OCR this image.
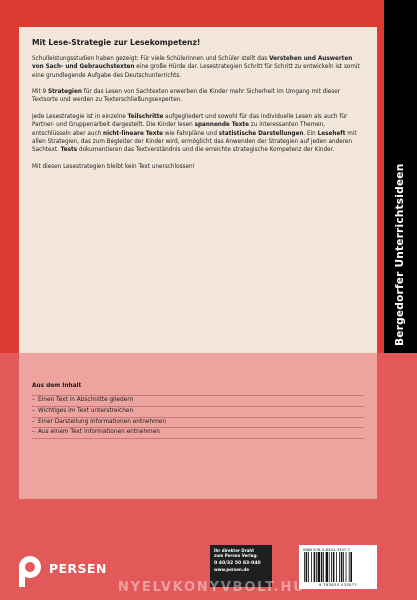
Mit Lese-Strategie zur Lesekompetenz!

Schulleistungsstudien haben gezeigt: Für viele Schülerinnen und Schüler stellt das Verstehen und Auswerten von Sach- und Gebrauchstexten eine große Hürde dar. Lesestrategien Schritt für Schritt zu entwickeln ist somit eine grundlegende Aufgabe des Deutschunterrichts.

Mit 9 Strategien für das Lesen von Sachtexten erwerben die Kinder mehr Sicherheit im Umgang mit dieser Textsorte und werden zu Texterschließungsexperten.

Jede Lesestrategie ist in einzelne Teilschritte aufgegliedert und sowohl für das individuelle Lesen als auch für Partner- und Gruppenarbeit dargestellt. Die Kinder lesen spannende Texte zu interessanten Themen, entschlüsseln aber auch nicht-lineare Texte wie Fahrpläne und statistische Darstellungen. Ein Leseheft mit allen Strategien, das zum Begleiter der Kinder wird, ermöglicht das Anwenden der Strategien auf jeden anderen Sachtext. Tests dokumentieren das Textverständnis und die erreichte strategische Kompetenz der Kinder.

Mit diesen Lesestrategien bleibt kein Text unerschlossen!	Bergedorfer Unterrichtsideen
Aus dem Inhalt
– Einen Text in Abschnitte gliedern
– Wichtiges im Text unterstreichen
– Einer Darstellung Informationen entnehmen
– Aus einem Text Informationen entnehmen
PERSEN
Ihr direkter Draht
zum Persen Verlag:
0 40/32 50 83-040
www.persen.de
ISBN 978-3-8344-3307-7
9 783834 433077
NYELVKONYVBOLT.HU
